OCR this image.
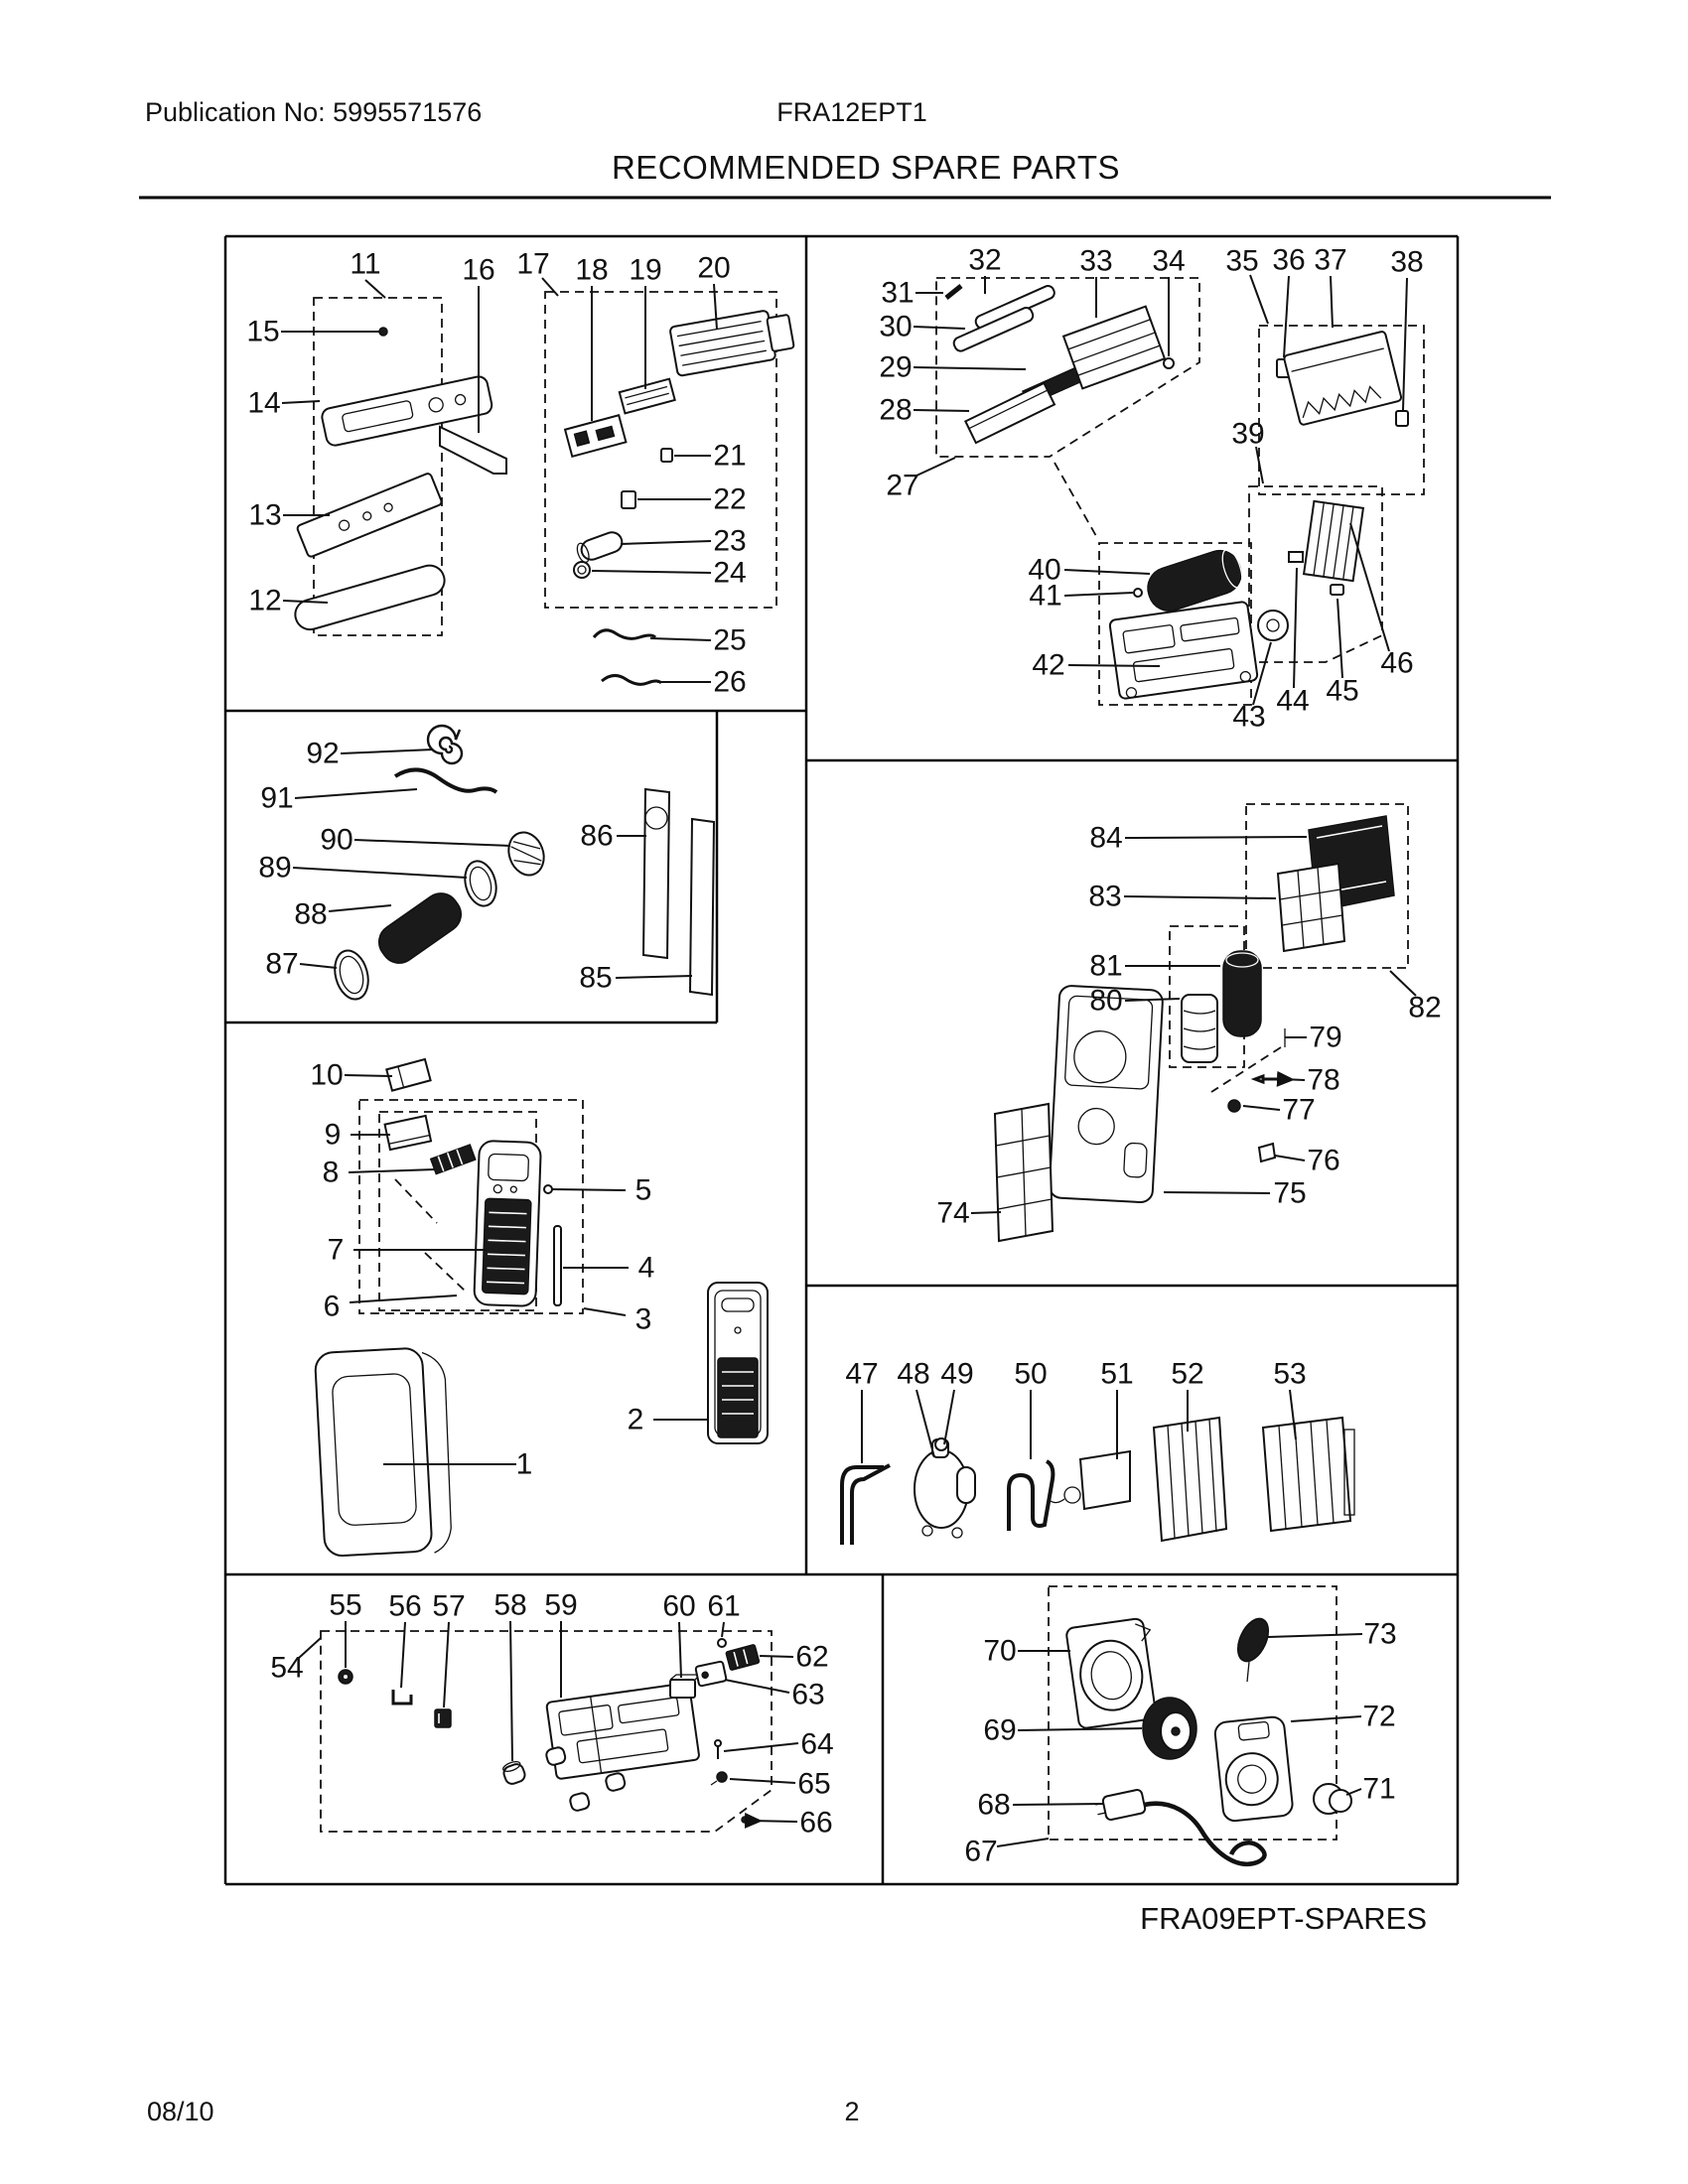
Publication No: 5995571576	FRA12EPT1
RECOMMENDED SPARE PARTS
FRA09EPT-SPARES
08/10	2
1
2
3
4
5
6
7
8
9
10
11
12
13
14
15
16 17 18 19 20
21
22
23
24
25
26
27
28
29
30
31
32	33 34 35 36 37 38
39
40
41
42
43 44 45
46
47 48 49 50 51 52 53
54
55 56 57 58 59	60 61
62
63
64
65
66
67
68
69
70
71
72
73
74
75
76
77
78
79
80
81
82
83
84
85
86
87
88
89
90
91
92
